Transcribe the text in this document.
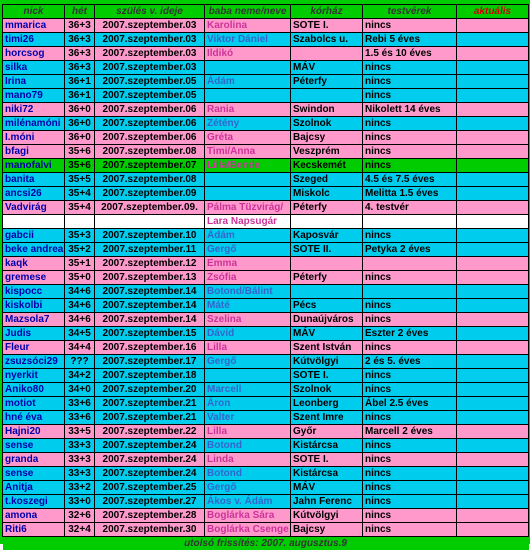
nick	hét	szülés v. ideje	baba neme/neve	kórház	testvérek	aktuális
mmarica	36+3	2007.szeptember.03	Karolina	SOTE I.	nincs	
timi26	36+3	2007.szeptember.03	Viktor Dániel	Szabolcs u.	Rebi 5 éves	
horcsog	36+3	2007.szeptember.03	Ildikó		1.5 és 10 éves	
silka	36+3	2007.szeptember.03		MÁV	nincs	
Irina	36+1	2007.szeptember.05	Ádám	Péterfy	nincs	
mano79	36+1	2007.szeptember.05			nincs	
niki72	36+0	2007.szeptember.06	Rania	Swindon	Nikolett 14 éves	
milénamóni	36+0	2007.szeptember.06	Zétény	Szolnok	nincs	
I.móni	36+0	2007.szeptember.06	Gréta	Bajcsy	nincs	
bfagi	35+6	2007.szeptember.08	Timi/Anna	Veszprém	nincs	
manofalvi	35+6	2007.szeptember.07	Lilla/Bende	Kecskemét	nincs	
banita	35+5	2007.szeptember.08		Szeged	4.5 és 7.5 éves	
ancsi26	35+4	2007.szeptember.09		Miskolc	Melitta 1.5 éves	
Vadvirág	35+4	2007.szeptember.09.	Pálma Tüzvirág/	Péterfy	4. testvér	
			Lara Napsugár			
gabcii	35+3	2007.szeptember.10	Ádám	Kaposvár	nincs	
beke andrea	35+2	2007.szeptember.11	Gergő	SOTE II.	Petyka 2 éves	
kaqk	35+1	2007.szeptember.12	Emma			
gremese	35+0	2007.szeptember.13	Zsófia	Péterfy	nincs	
kispocc	34+6	2007.szeptember.14	Botond/Bálint			
kiskolbi	34+6	2007.szeptember.14	Máté	Pécs	nincs	
Mazsola7	34+6	2007.szeptember.14	Szelina	Dunaújváros	nincs	
Judis	34+5	2007.szeptember.15	Dávid	MÁV	Eszter 2 éves	
Fleur	34+4	2007.szeptember.16	Lilla	Szent István	nincs	
zsuzsóci29	???	2007.szeptember.17	Gergő	Kútvölgyi	2 és 5. éves	
nyerkit	34+2	2007.szeptember.18		SOTE I.	nincs	
Aniko80	34+0	2007.szeptember.20	Marcell	Szolnok	nincs	
motiot	33+6	2007.szeptember.21	Áron	Leonberg	Ábel 2.5 éves	
hné éva	33+6	2007.szeptember.21	Valter	Szent Imre	nincs	
Hajni20	33+5	2007.szeptember.22	Lilla	Győr	Marcell 2 éves	
sense	33+3	2007.szeptember.24	Botond	Kistárcsa	nincs	
granda	33+3	2007.szeptember.24	Linda	SOTE I.	nincs	
sense	33+3	2007.szeptember.24	Botond	Kistárcsa	nincs	
Anitja	33+2	2007.szeptember.25	Gergő	MÁV	nincs	
t.koszegi	33+0	2007.szeptember.27	Ákos v. Ádám	Jahn Ferenc	nincs	
amona	32+6	2007.szeptember.28	Boglárka Sára	Kútvölgyi	nincs	
Riti6	32+4	2007.szeptember.30	Boglárka Csenge	Bajcsy	nincs	
utolsó frissítés: 2007. augusztus.9						
